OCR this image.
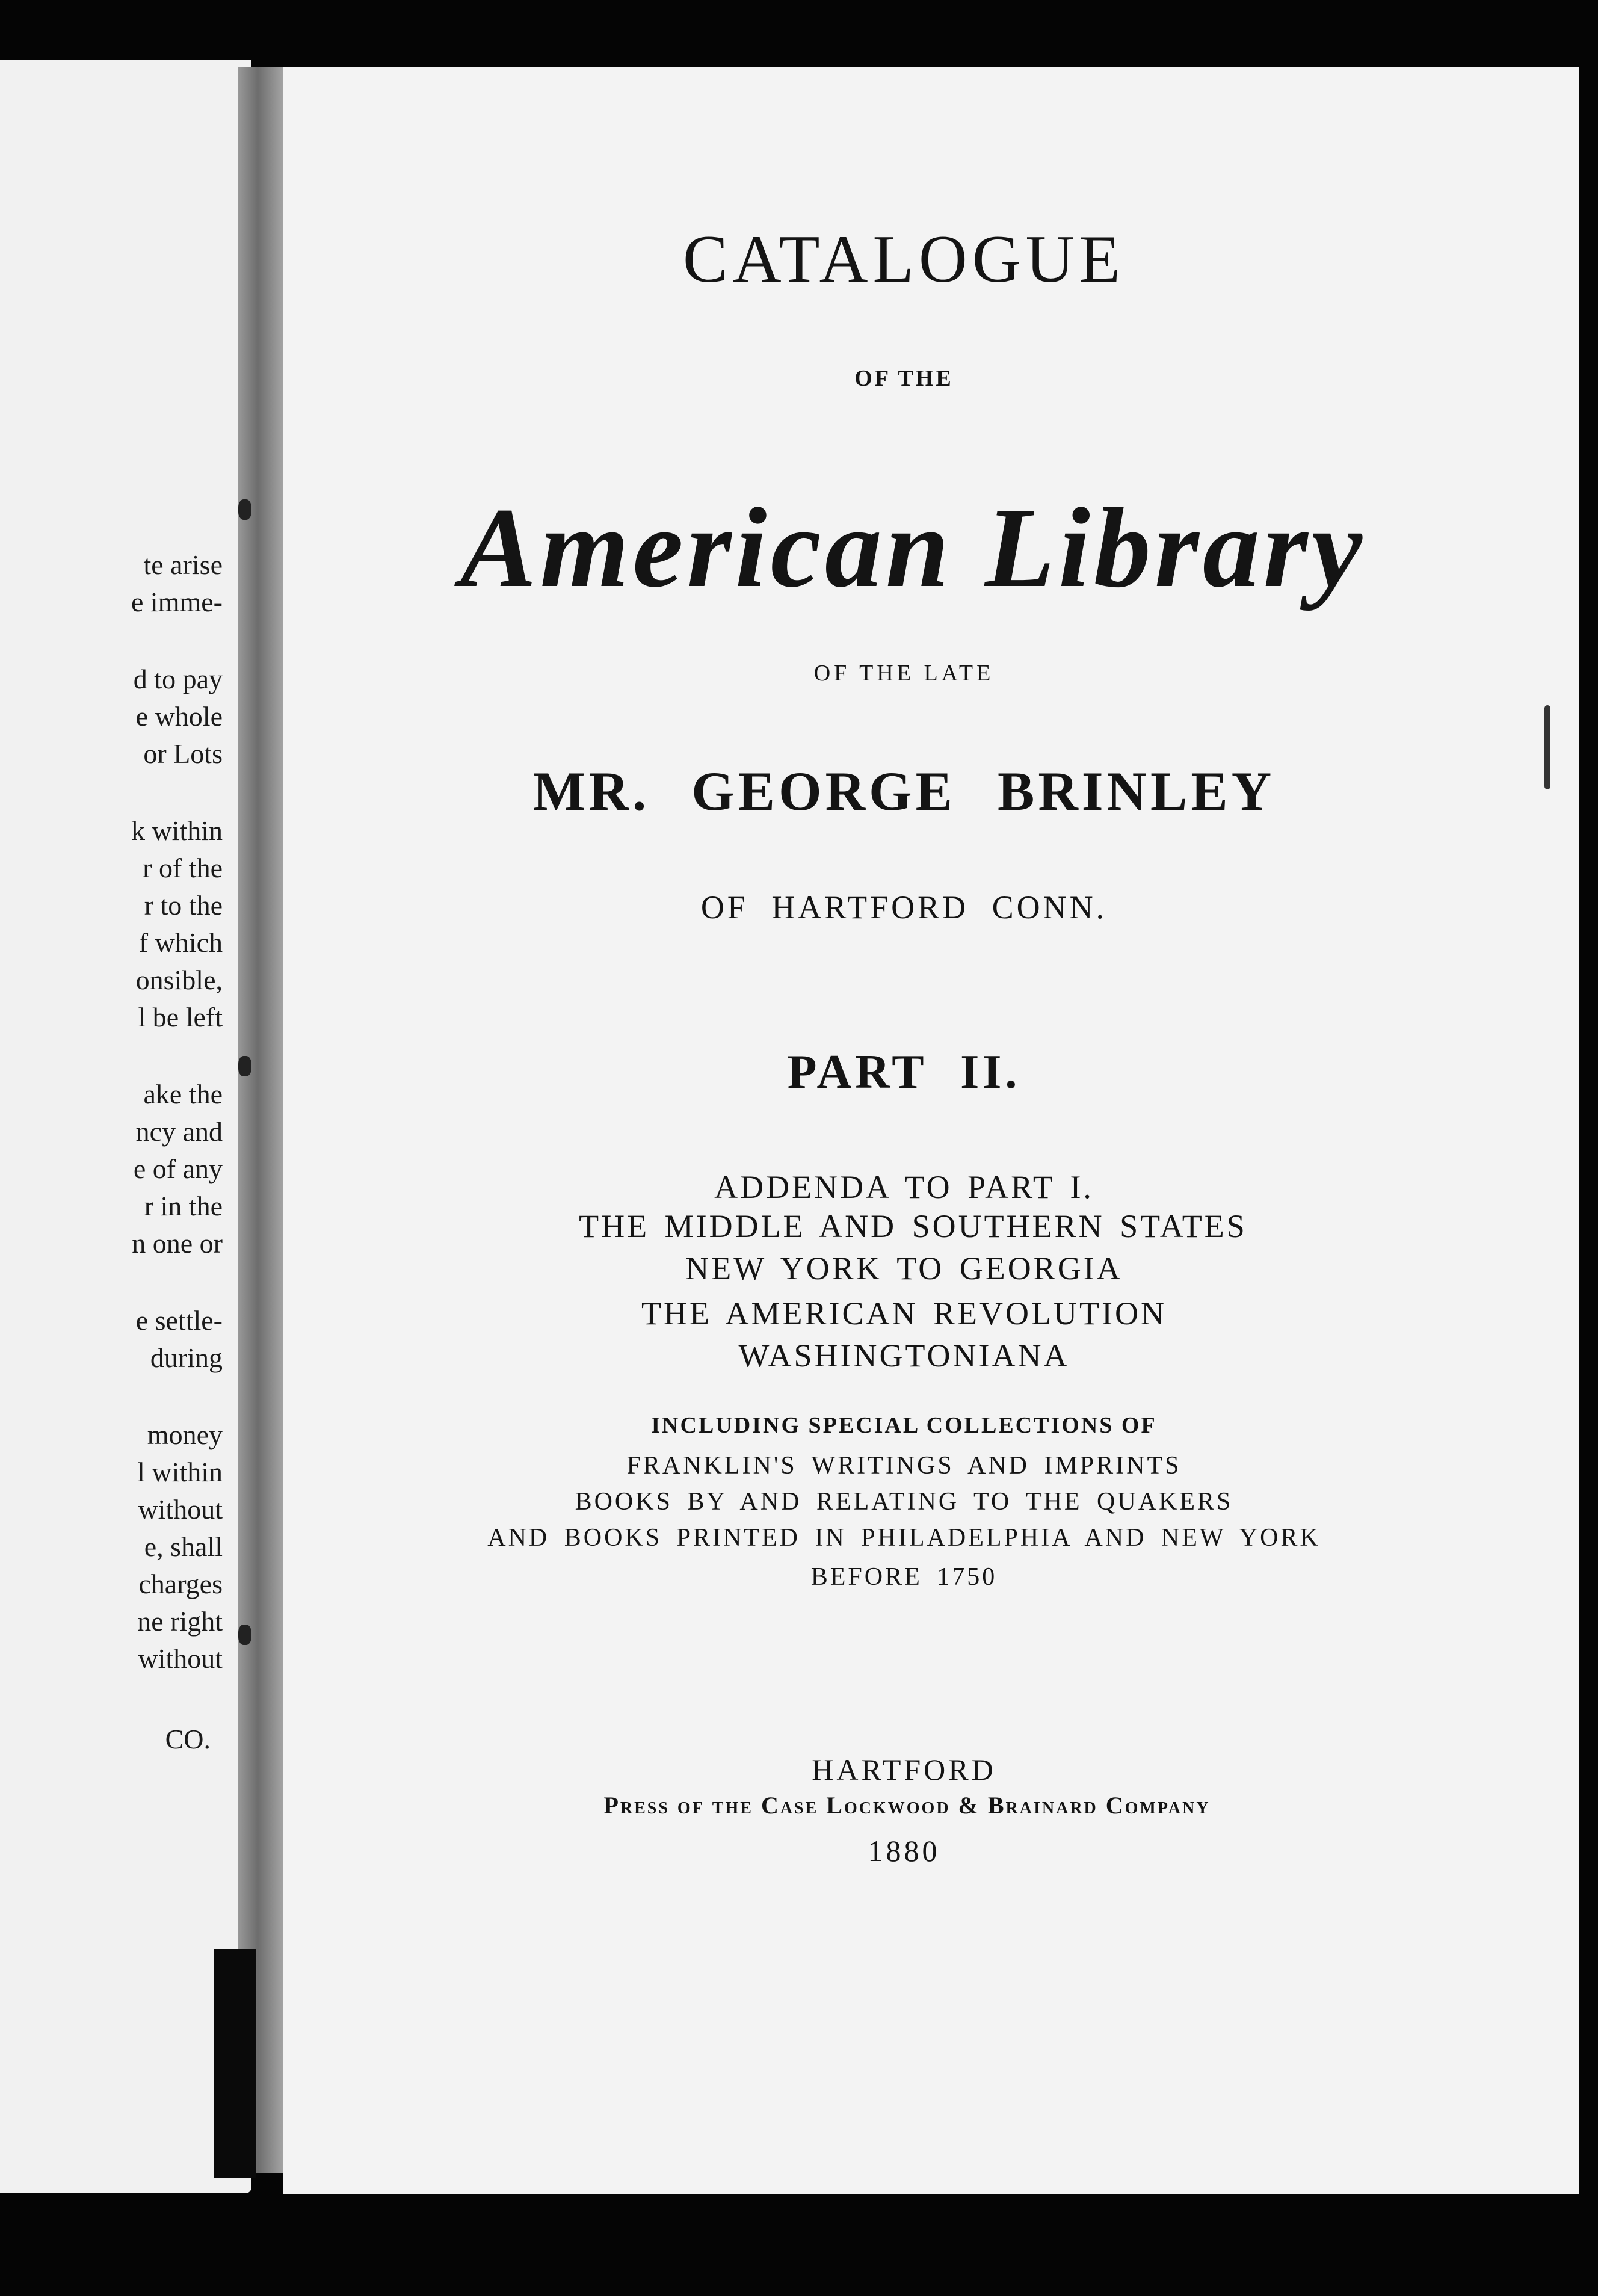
te arise
e imme-
d to pay
e whole
or Lots
k within
r of the
r to the
f which
onsible,
l be left
ake the
ncy and
e of any
r in the
n one or
e settle-
during
money
l within
without
e, shall
charges
ne right
without
CO.
CATALOGUE
OF THE
American Library
OF THE LATE
MR. GEORGE BRINLEY
OF HARTFORD CONN.
PART II.
ADDENDA TO PART I.
THE MIDDLE AND SOUTHERN STATES
NEW YORK TO GEORGIA
THE AMERICAN REVOLUTION
WASHINGTONIANA
INCLUDING SPECIAL COLLECTIONS OF
FRANKLIN'S WRITINGS AND IMPRINTS
BOOKS BY AND RELATING TO THE QUAKERS
AND BOOKS PRINTED IN PHILADELPHIA AND NEW YORK
BEFORE 1750
HARTFORD
Press of the Case Lockwood & Brainard Company
1880
